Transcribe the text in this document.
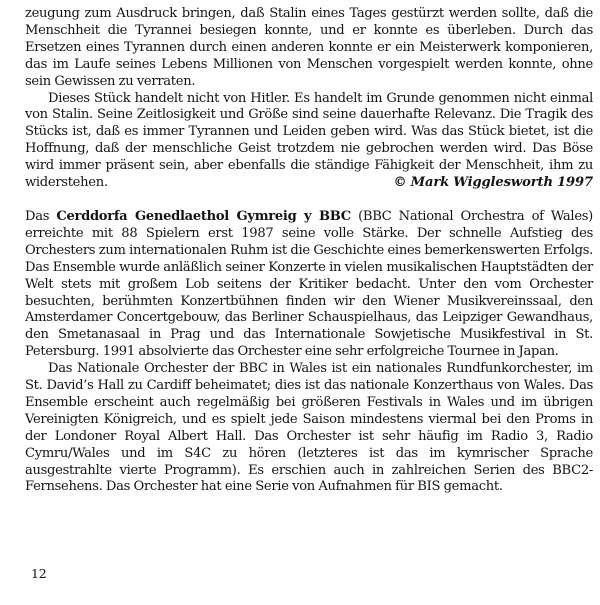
zeugung zum Ausdruck bringen, daß Stalin eines Tages gestürzt werden sollte, daß die Menschheit die Tyrannei besiegen konnte, und er konnte es überleben. Durch das Ersetzen eines Tyrannen durch einen anderen konnte er ein Meisterwerk komponieren, das im Laufe seines Lebens Millionen von Menschen vorgespielt werden konnte, ohne sein Gewissen zu verraten.

Dieses Stück handelt nicht von Hitler. Es handelt im Grunde genommen nicht einmal von Stalin. Seine Zeitlosigkeit und Größe sind seine dauerhafte Relevanz. Die Tragik des Stücks ist, daß es immer Tyrannen und Leiden geben wird. Was das Stück bietet, ist die Hoffnung, daß der menschliche Geist trotzdem nie gebrochen werden wird. Das Böse wird immer präsent sein, aber ebenfalls die ständige Fähigkeit der Menschheit, ihm zu widerstehen.	© Mark Wigglesworth 1997

Das Cerddorfa Genedlaethol Gymreig y BBC (BBC National Orchestra of Wales) erreichte mit 88 Spielern erst 1987 seine volle Stärke. Der schnelle Aufstieg des Orchesters zum internationalen Ruhm ist die Geschichte eines bemerkenswerten Erfolgs. Das Ensemble wurde anläßlich seiner Konzerte in vielen musikalischen Hauptstädten der Welt stets mit großem Lob seitens der Kritiker bedacht. Unter den vom Orchester besuchten, berühmten Konzertbühnen finden wir den Wiener Musikvereinssaal, den Amsterdamer Concertgebouw, das Berliner Schauspielhaus, das Leipziger Gewandhaus, den Smetanasaal in Prag und das Internationale Sowjetische Musikfestival in St. Petersburg. 1991 absolvierte das Orchester eine sehr erfolgreiche Tournee in Japan.

Das Nationale Orchester der BBC in Wales ist ein nationales Rundfunkorchester, im St. David’s Hall zu Cardiff beheimatet; dies ist das nationale Konzerthaus von Wales. Das Ensemble erscheint auch regelmäßig bei größeren Festivals in Wales und im übrigen Vereinigten Königreich, und es spielt jede Saison mindestens viermal bei den Proms in der Londoner Royal Albert Hall. Das Orchester ist sehr häufig im Radio 3, Radio Cymru/Wales und im S4C zu hören (letzteres ist das im kymrischer Sprache ausgestrahlte vierte Programm). Es erschien auch in zahlreichen Serien des BBC2-Fernsehens. Das Orchester hat eine Serie von Aufnahmen für BIS gemacht.

12
